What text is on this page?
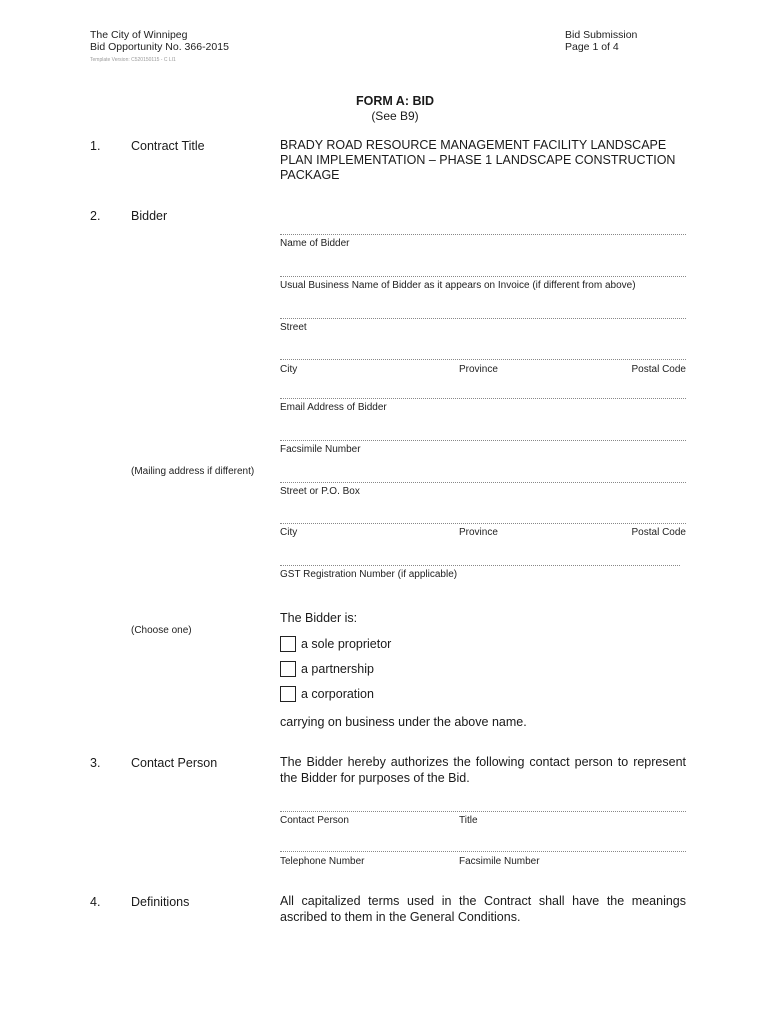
The City of Winnipeg
Bid Opportunity No. 366-2015
Template Version: C520150115 - C LI1
Bid Submission
Page 1 of 4
FORM A: BID
(See B9)
1. Contract Title	BRADY ROAD RESOURCE MANAGEMENT FACILITY LANDSCAPE
PLAN IMPLEMENTATION – PHASE 1 LANDSCAPE CONSTRUCTION
PACKAGE
2. Bidder
Name of Bidder
Usual Business Name of Bidder as it appears on Invoice (if different from above)
Street
City	Province	Postal Code
Email Address of Bidder
Facsimile Number
(Mailing address if different)
Street or P.O. Box
City	Province	Postal Code
GST Registration Number (if applicable)
The Bidder is:
(Choose one)
a sole proprietor
a partnership
a corporation
carrying on business under the above name.
3. Contact Person	The Bidder hereby authorizes the following contact person to represent the Bidder for purposes of the Bid.
Contact Person	Title
Telephone Number	Facsimile Number
4. Definitions	All capitalized terms used in the Contract shall have the meanings ascribed to them in the General Conditions.
